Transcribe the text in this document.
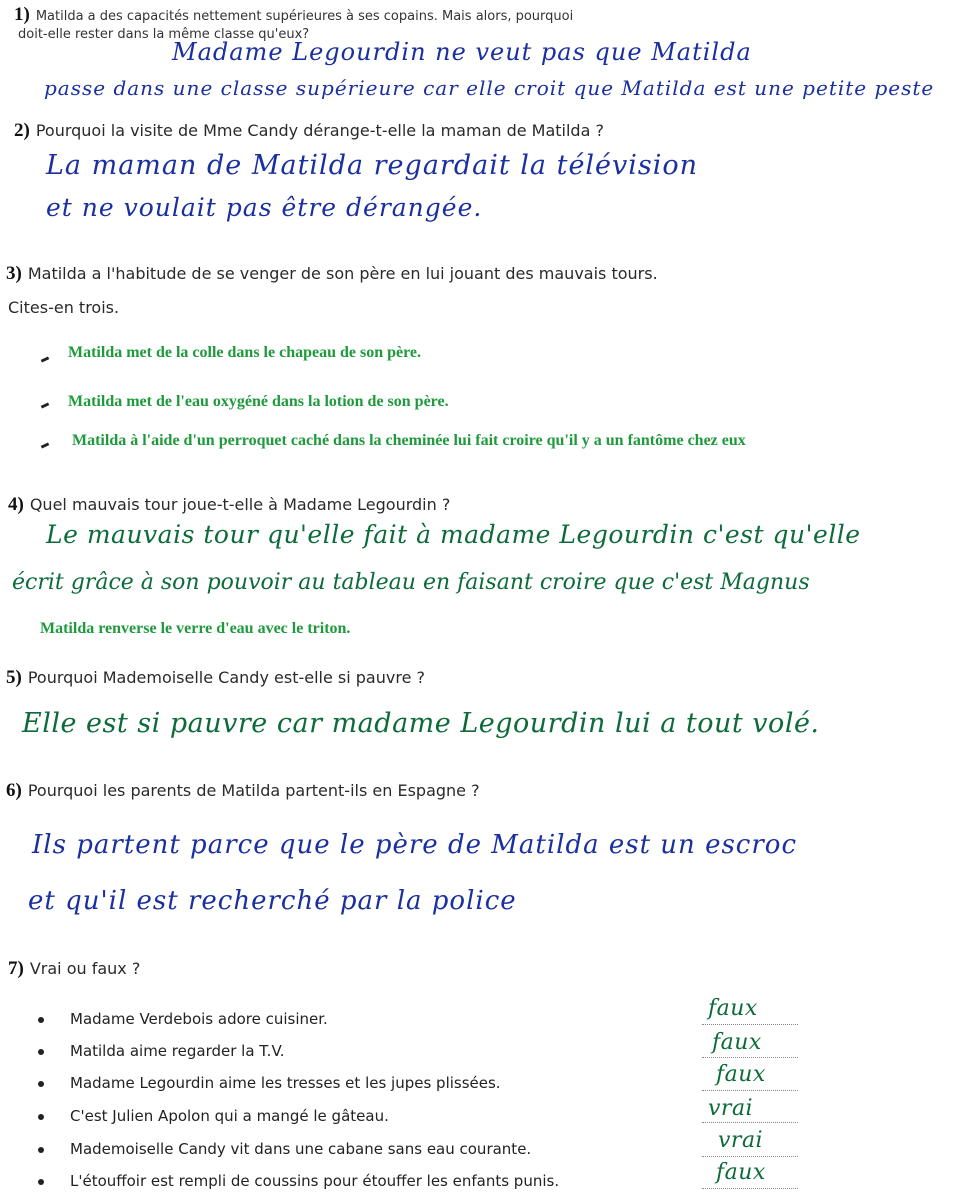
1) Matilda a des capacités nettement supérieures à ses copains. Mais alors, pourquoi
doit-elle rester dans la même classe qu'eux?
Madame Legourdin ne veut pas que Matilda
passe dans une classe supérieure car elle croit que Matilda est une petite peste
2) Pourquoi la visite de Mme Candy dérange-t-elle la maman de Matilda ?
La maman de Matilda regardait la télévision
et ne voulait pas être dérangée.
3) Matilda a l'habitude de se venger de son père en lui jouant des mauvais tours.
Cites-en trois.
Matilda met de la colle dans le chapeau de son père.
Matilda met de l'eau oxygéné dans la lotion de son père.
Matilda à l'aide d'un perroquet caché dans la cheminée lui fait croire qu'il y a un fantôme chez eux
4) Quel mauvais tour joue-t-elle à Madame Legourdin ?
Le mauvais tour qu'elle fait à madame Legourdin c'est qu'elle
écrit grâce à son pouvoir au tableau en faisant croire que c'est Magnus
Matilda renverse le verre d'eau avec le triton.
5) Pourquoi Mademoiselle Candy est-elle si pauvre ?
Elle est si pauvre car madame Legourdin lui a tout volé.
6) Pourquoi les parents de Matilda partent-ils en Espagne ?
Ils partent parce que le père de Matilda est un escroc
et qu'il est recherché par la police
7) Vrai ou faux ?
Madame Verdebois adore cuisiner.	faux
Matilda aime regarder la T.V.	faux
Madame Legourdin aime les tresses et les jupes plissées.	faux
C'est Julien Apolon qui a mangé le gâteau.	vrai
Mademoiselle Candy vit dans une cabane sans eau courante.	vrai
L'étouffoir est rempli de coussins pour étouffer les enfants punis.	faux
